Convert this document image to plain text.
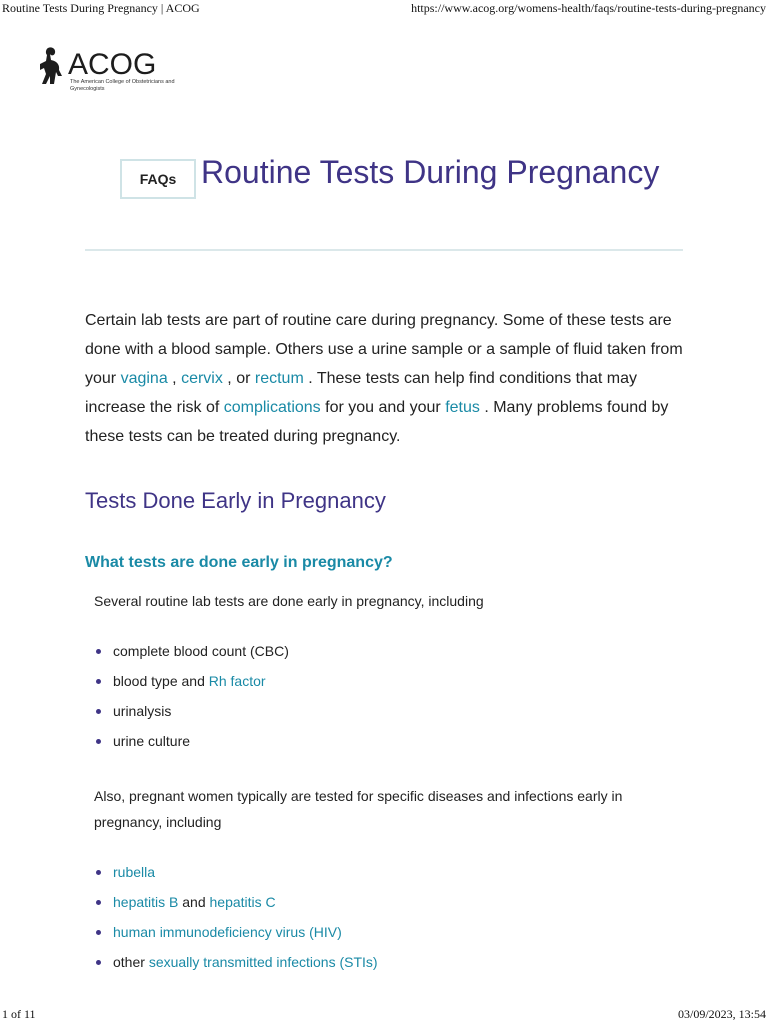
Routine Tests During Pregnancy | ACOG	https://www.acog.org/womens-health/faqs/routine-tests-during-pregnancy
ACOG
The American College of Obstetricians and Gynecologists
FAQs Routine Tests During Pregnancy

Certain lab tests are part of routine care during pregnancy. Some of these tests are done with a blood sample. Others use a urine sample or a sample of fluid taken from your vagina , cervix , or rectum . These tests can help find conditions that may increase the risk of complications for you and your fetus . Many problems found by these tests can be treated during pregnancy.

Tests Done Early in Pregnancy
What tests are done early in pregnancy?

Several routine lab tests are done early in pregnancy, including

complete blood count (CBC)
blood type and Rh factor
urinalysis
urine culture

Also, pregnant women typically are tested for specific diseases and infections early in pregnancy, including

rubella
hepatitis B and hepatitis C
human immunodeficiency virus (HIV)
other sexually transmitted infections (STIs)
1 of 11	03/09/2023, 13:54
